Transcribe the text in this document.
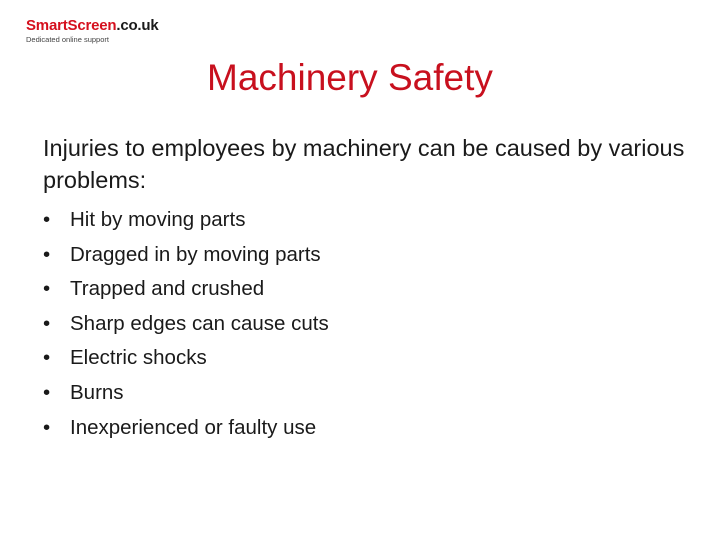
SmartScreen.co.uk
Dedicated online support
Machinery Safety
Injuries to employees by machinery can be caused by various problems:
• Hit by moving parts
• Dragged in by moving parts
• Trapped and crushed
• Sharp edges can cause cuts
• Electric shocks
• Burns
• Inexperienced or faulty use
